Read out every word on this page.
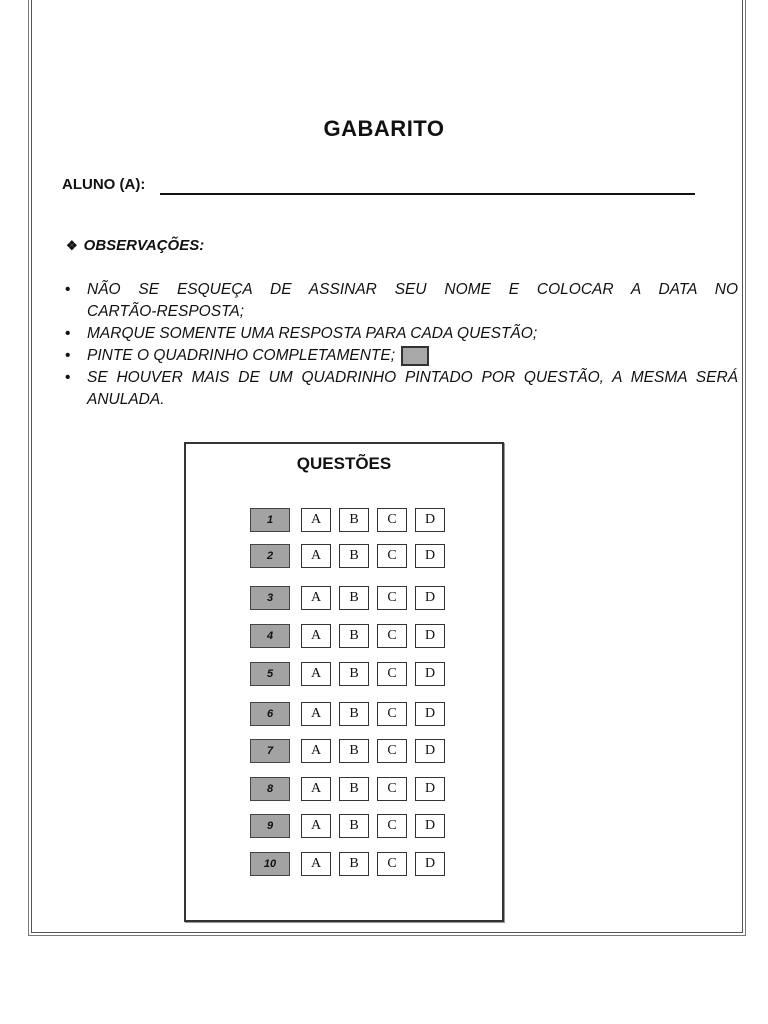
GABARITO
ALUNO (A):
❖ OBSERVAÇÕES:
• NÃO SE ESQUEÇA DE ASSINAR SEU NOME E COLOCAR A DATA NO
CARTÃO-RESPOSTA;
• MARQUE SOMENTE UMA RESPOSTA PARA CADA QUESTÃO;
• PINTE O QUADRINHO COMPLETAMENTE;
• SE HOUVER MAIS DE UM QUADRINHO PINTADO POR QUESTÃO, A MESMA SERÁ ANULADA.
QUESTÕES
1	A	B	C	D
2	A	B	C	D
3	A	B	C	D
4	A	B	C	D
5	A	B	C	D
6	A	B	C	D
7	A	B	C	D
8	A	B	C	D
9	A	B	C	D
10	A	B	C	D
